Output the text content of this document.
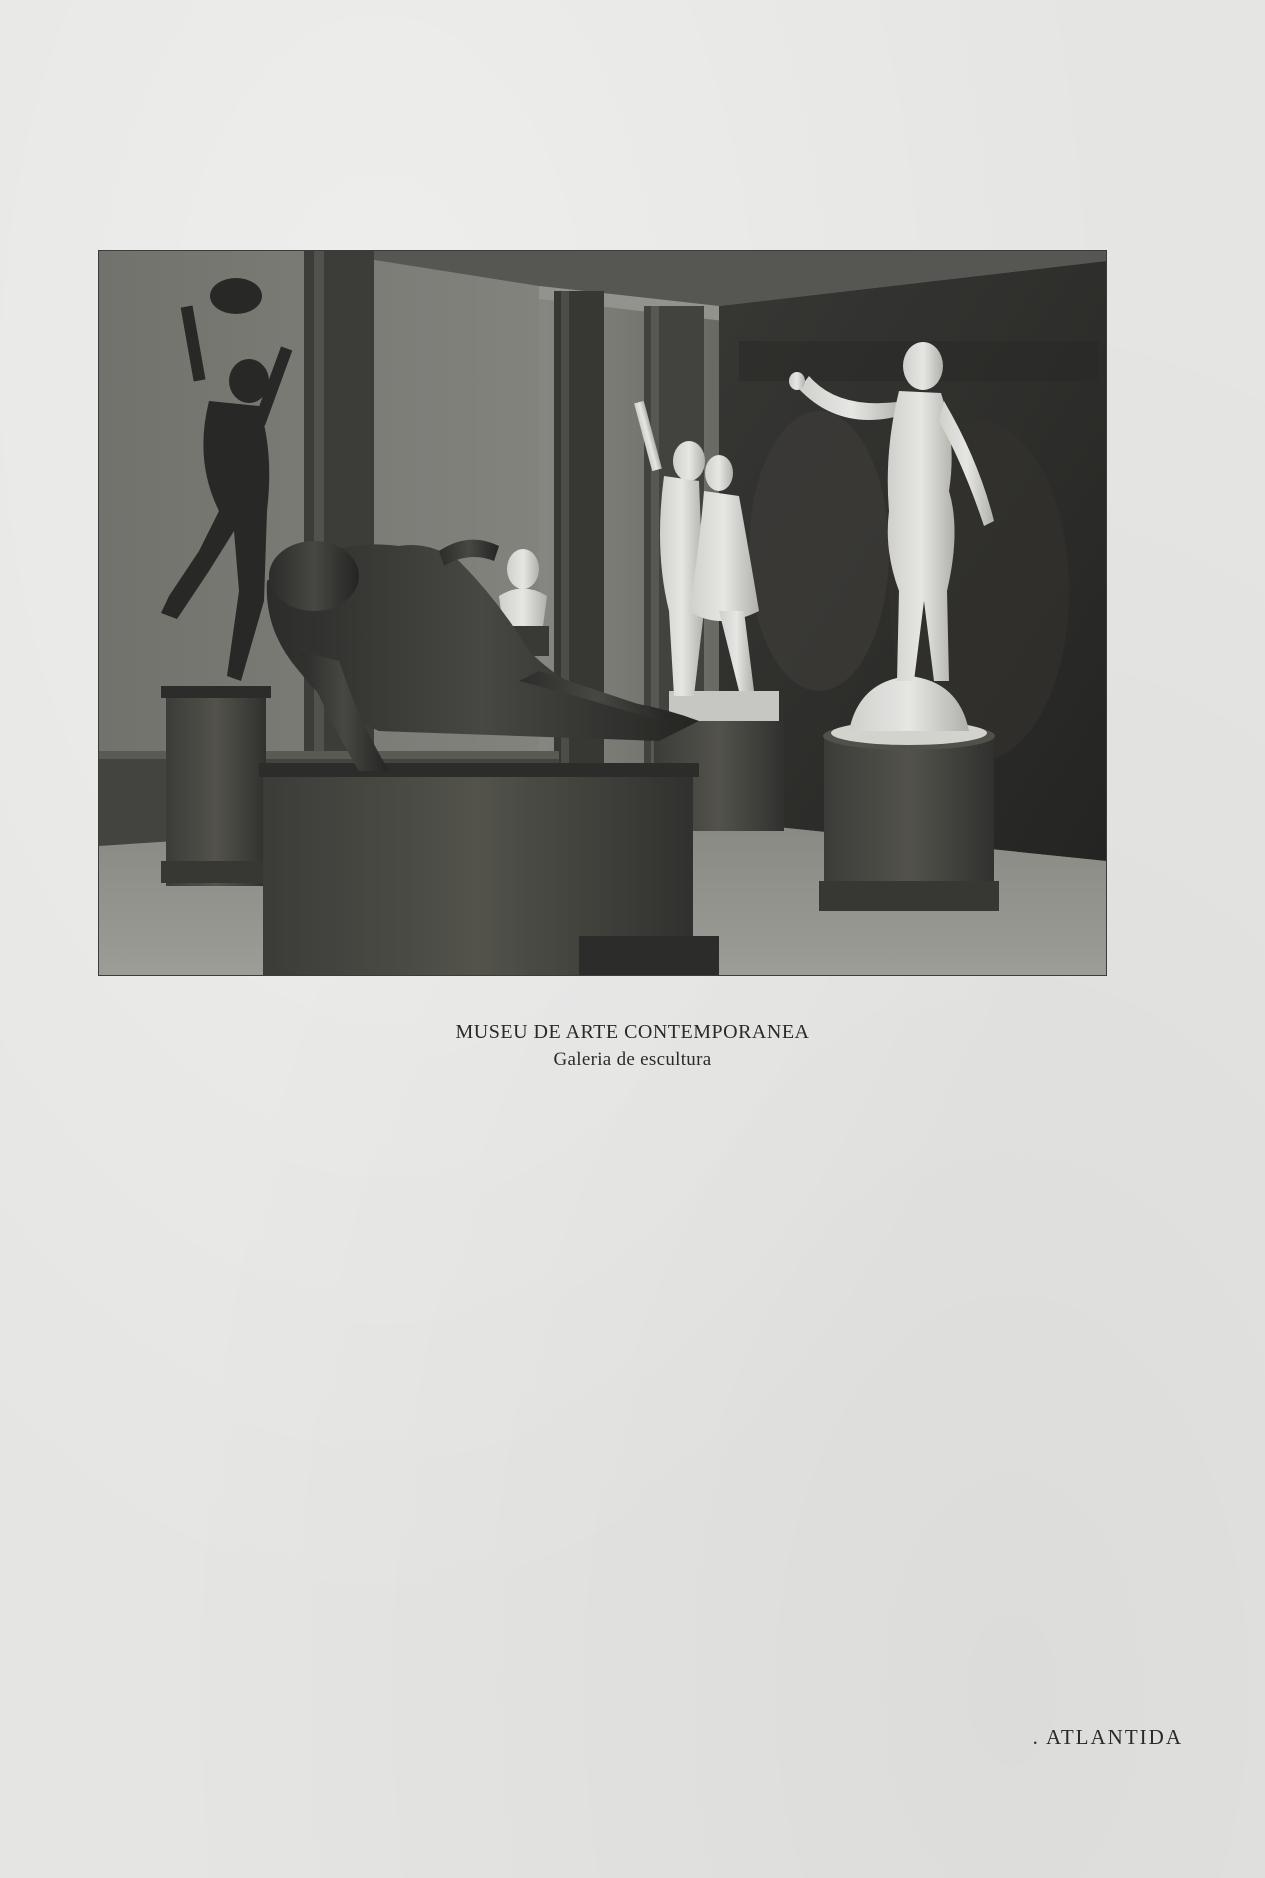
MUSEU DE ARTE CONTEMPORANEA
Galeria de escultura
. ATLANTIDA
